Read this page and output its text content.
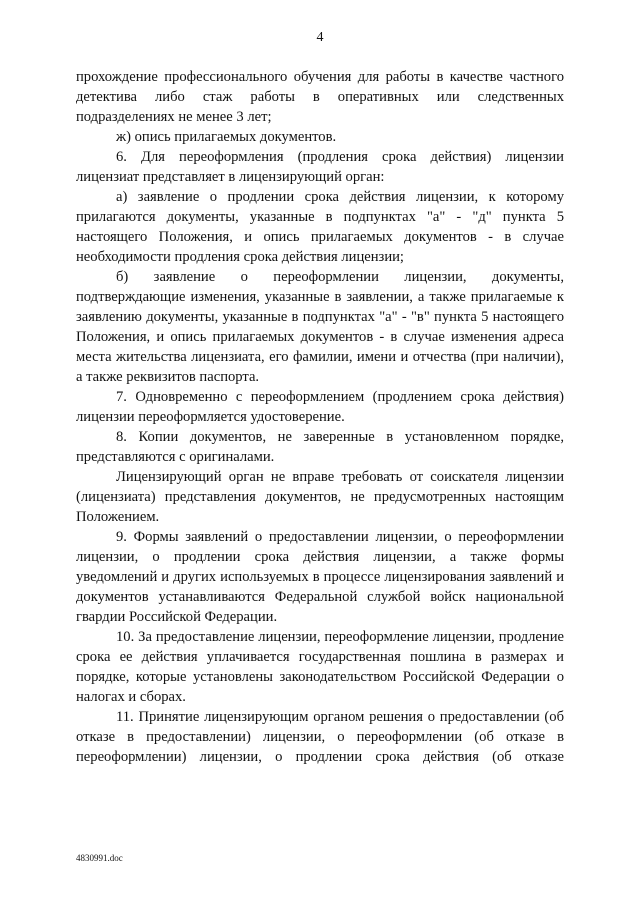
4

прохождение профессионального обучения для работы в качестве частного детектива либо стаж работы в оперативных или следственных подразделениях не менее 3 лет;

ж) опись прилагаемых документов.

6. Для переоформления (продления срока действия) лицензии лицензиат представляет в лицензирующий орган:

а) заявление о продлении срока действия лицензии, к которому прилагаются документы, указанные в подпунктах "а" - "д" пункта 5 настоящего Положения, и опись прилагаемых документов - в случае необходимости продления срока действия лицензии;

б) заявление о переоформлении лицензии, документы, подтверждающие изменения, указанные в заявлении, а также прилагаемые к заявлению документы, указанные в подпунктах "а" - "в" пункта 5 настоящего Положения, и опись прилагаемых документов - в случае изменения адреса места жительства лицензиата, его фамилии, имени и отчества (при наличии), а также реквизитов паспорта.

7. Одновременно с переоформлением (продлением срока действия) лицензии переоформляется удостоверение.

8. Копии документов, не заверенные в установленном порядке, представляются с оригиналами.

Лицензирующий орган не вправе требовать от соискателя лицензии (лицензиата) представления документов, не предусмотренных настоящим Положением.

9. Формы заявлений о предоставлении лицензии, о переоформлении лицензии, о продлении срока действия лицензии, а также формы уведомлений и других используемых в процессе лицензирования заявлений и документов устанавливаются Федеральной службой войск национальной гвардии Российской Федерации.

10. За предоставление лицензии, переоформление лицензии, продление срока ее действия уплачивается государственная пошлина в размерах и порядке, которые установлены законодательством Российской Федерации о налогах и сборах.

11. Принятие лицензирующим органом решения о предоставлении (об отказе в предоставлении) лицензии, о переоформлении (об отказе в переоформлении) лицензии, о продлении срока действия (об отказе

4830991.doc
